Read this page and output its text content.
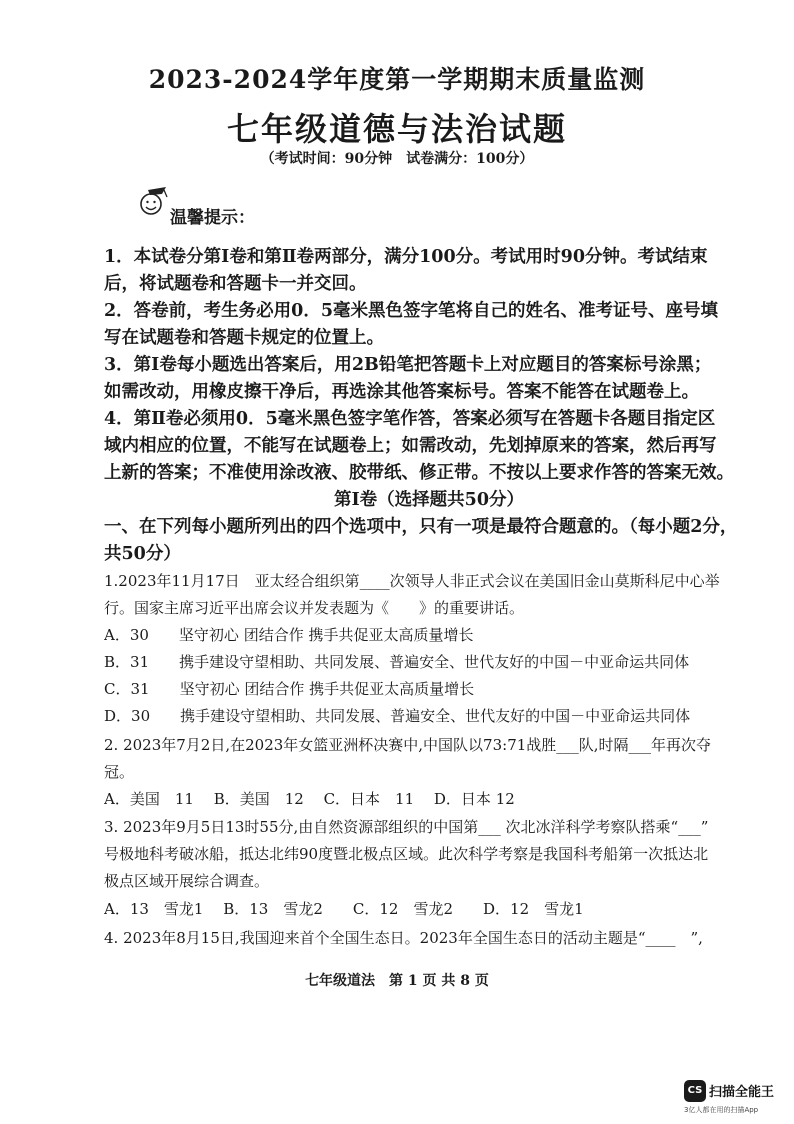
2023-2024学年度第一学期期末质量监测
七年级道德与法治试题
（考试时间：90分钟　试卷满分：100分）
温馨提示：

1．本试卷分第Ⅰ卷和第Ⅱ卷两部分，满分100分。考试用时90分钟。考试结束

后，将试题卷和答题卡一并交回。

2．答卷前，考生务必用0．5毫米黑色签字笔将自己的姓名、准考证号、座号填

写在试题卷和答题卡规定的位置上。

3．第Ⅰ卷每小题选出答案后，用2B铅笔把答题卡上对应题目的答案标号涂黑；

如需改动，用橡皮擦干净后，再选涂其他答案标号。答案不能答在试题卷上。

4．第Ⅱ卷必须用0．5毫米黑色签字笔作答，答案必须写在答题卡各题目指定区

域内相应的位置，不能写在试题卷上；如需改动，先划掉原来的答案，然后再写

上新的答案；不准使用涂改液、胶带纸、修正带。不按以上要求作答的答案无效。

第Ⅰ卷（选择题共50分）

一、在下列每小题所列出的四个选项中，只有一项是最符合题意的。（每小题2分，

共50分）

1.2023年11月17日　亚太经合组织第____次领导人非正式会议在美国旧金山莫斯科尼中心举

行。国家主席习近平出席会议并发表题为《　　》的重要讲话。

A．30　　坚守初心 团结合作 携手共促亚太高质量增长

B．31　　携手建设守望相助、共同发展、普遍安全、世代友好的中国－中亚命运共同体

C．31　　坚守初心 团结合作 携手共促亚太高质量增长

D．30　　携手建设守望相助、共同发展、普遍安全、世代友好的中国－中亚命运共同体

2. 2023年7月2日,在2023年女篮亚洲杯决赛中,中国队以73:71战胜___队,时隔___年再次夺

冠。

A．美国　11　 B．美国　12　 C．日本　11　 D．日本 12

3. 2023年9月5日13时55分,由自然资源部组织的中国第___ 次北冰洋科学考察队搭乘“___”

号极地科考破冰船，抵达北纬90度暨北极点区域。此次科学考察是我国科考船第一次抵达北

极点区域开展综合调查。

A．13　雪龙1　 B．13　雪龙2　　C．12　雪龙2　　D．12　雪龙1

4. 2023年8月15日,我国迎来首个全国生态日。2023年全国生态日的活动主题是“____　”,

七年级道法　第 1 页 共 8 页
CS 扫描全能王
3亿人都在用的扫描App
